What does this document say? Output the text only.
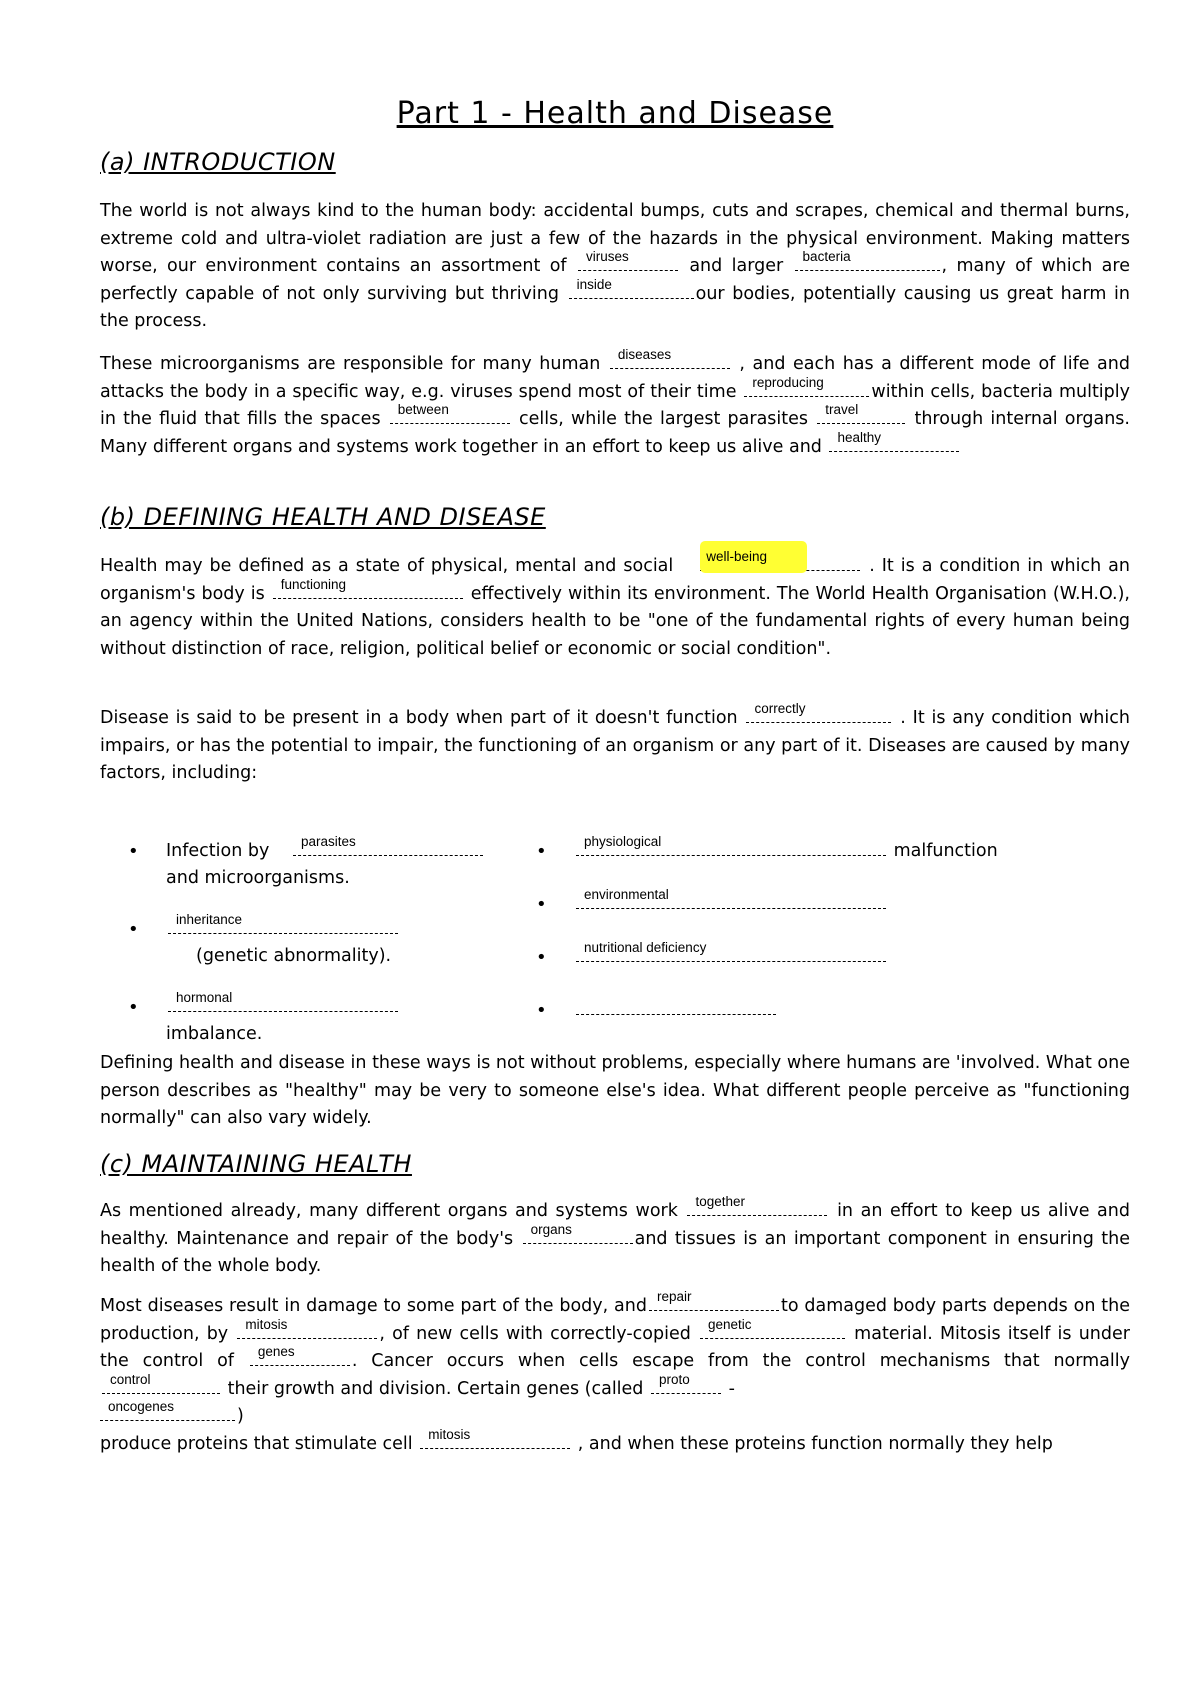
Part 1 - Health and Disease
(a) INTRODUCTION
The world is not always kind to the human body: accidental bumps, cuts and scrapes, chemical and thermal burns, extreme cold and ultra-violet radiation are just a few of the hazards in the physical environment. Making matters worse, our environment contains an assortment of viruses	and larger bacteria	, many of which are perfectly capable of not only surviving but thriving inside	our bodies, potentially causing us great harm in the process.
These microorganisms are responsible for many human diseases	, and each has a different mode of life and attacks the body in a specific way, e.g. viruses spend most of their time reproducing	within cells, bacteria multiply in the fluid that fills the spaces between	cells, while the largest parasites travel	through internal organs. Many different organs and systems work together in an effort to keep us alive and healthy
(b) DEFINING HEALTH AND DISEASE
Health may be defined as a state of physical, mental and social	well-being	. It is a condition in which an organism's body is functioning	effectively within its environment. The World Health Organisation (W.H.O.), an agency within the United Nations, considers health to be "one of the fundamental rights of every human being without distinction of race, religion, political belief or economic or social condition".
Disease is said to be present in a body when part of it doesn't function correctly	. It is any condition which impairs, or has the potential to impair, the functioning of an organism or any part of it. Diseases are caused by many factors, including:
• Infection by parasites

and microorganisms.
• inheritance
(genetic abnormality).
• hormonal
imbalance.
• physiological	malfunction
• environmental
• nutritional deficiency
•
Defining health and disease in these ways is not without problems, especially where humans are 'involved. What one person describes as "healthy" may be very to someone else's idea. What different people perceive as "functioning normally" can also vary widely.
(c) MAINTAINING HEALTH
As mentioned already, many different organs and systems work together	in an effort to keep us alive and healthy. Maintenance and repair of the body's organs	and tissues is an important component in ensuring the health of the whole body.
Most diseases result in damage to some part of the body, and repair	to damaged body parts depends on the production, by mitosis	, of new cells with correctly-copied genetic	material. Mitosis itself is under the control of genes	. Cancer occurs when cells escape from the control mechanisms that normally
control	their growth and division. Certain genes (called proto -

oncogenes	)
produce proteins that stimulate cell mitosis	, and when these proteins function normally they help
